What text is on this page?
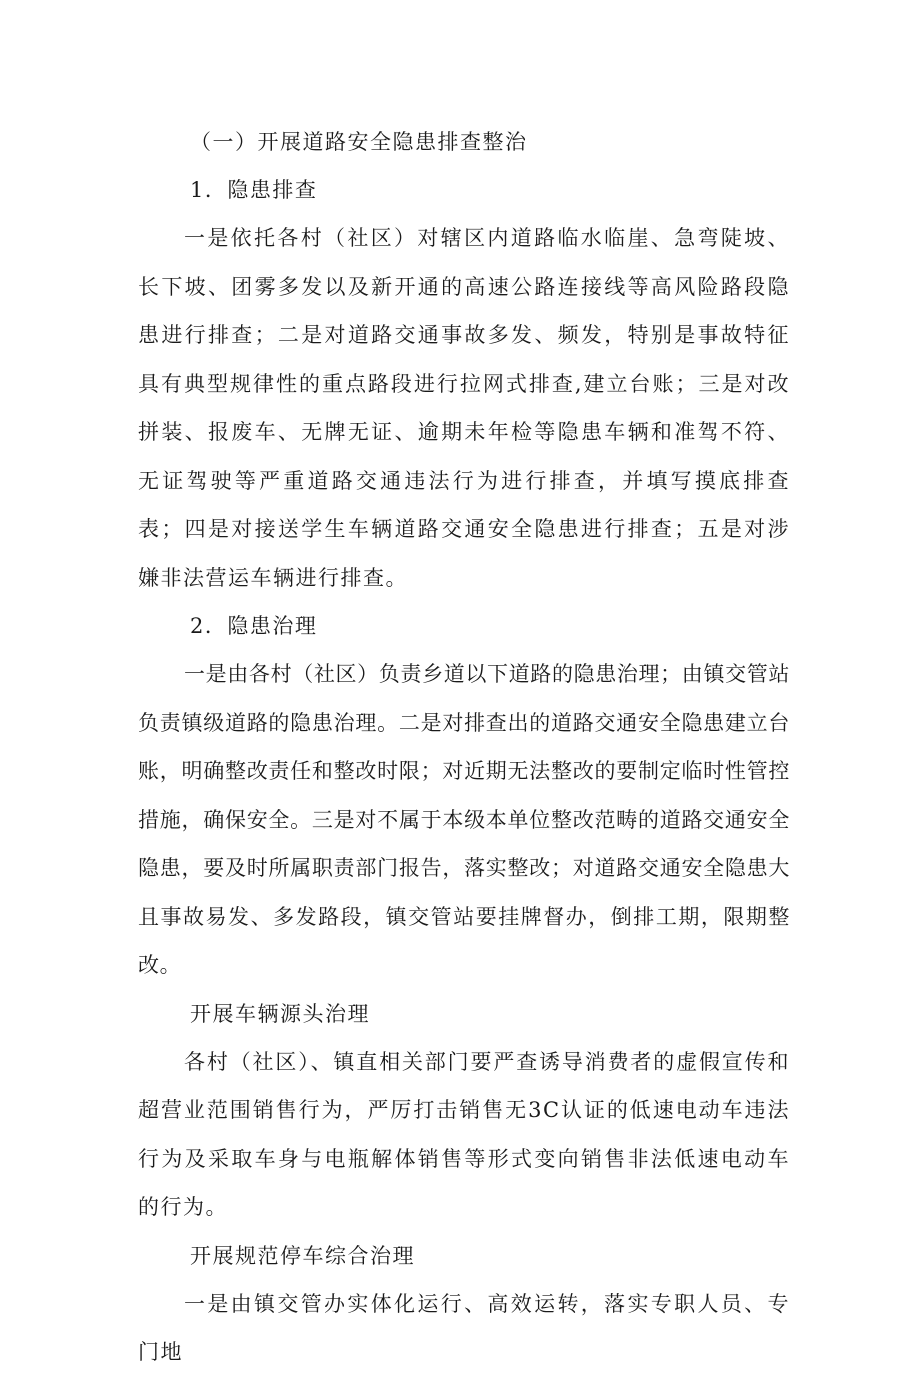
（一）开展道路安全隐患排查整治

1．隐患排查

一是依托各村（社区）对辖区内道路临水临崖、急弯陡坡、长下坡、团雾多发以及新开通的高速公路连接线等高风险路段隐患进行排查；二是对道路交通事故多发、频发，特别是事故特征具有典型规律性的重点路段进行拉网式排查,建立台账；三是对改拼装、报废车、无牌无证、逾期未年检等隐患车辆和准驾不符、无证驾驶等严重道路交通违法行为进行排查，并填写摸底排查表；四是对接送学生车辆道路交通安全隐患进行排查；五是对涉嫌非法营运车辆进行排查。

2．隐患治理

一是由各村（社区）负责乡道以下道路的隐患治理；由镇交管站负责镇级道路的隐患治理。二是对排查出的道路交通安全隐患建立台账，明确整改责任和整改时限；对近期无法整改的要制定临时性管控措施，确保安全。三是对不属于本级本单位整改范畴的道路交通安全隐患，要及时所属职责部门报告，落实整改；对道路交通安全隐患大且事故易发、多发路段，镇交管站要挂牌督办，倒排工期，限期整改。

开展车辆源头治理

各村（社区）、镇直相关部门要严查诱导消费者的虚假宣传和超营业范围销售行为，严厉打击销售无3C认证的低速电动车违法行为及采取车身与电瓶解体销售等形式变向销售非法低速电动车的行为。

开展规范停车综合治理

一是由镇交管办实体化运行、高效运转，落实专职人员、专门地
